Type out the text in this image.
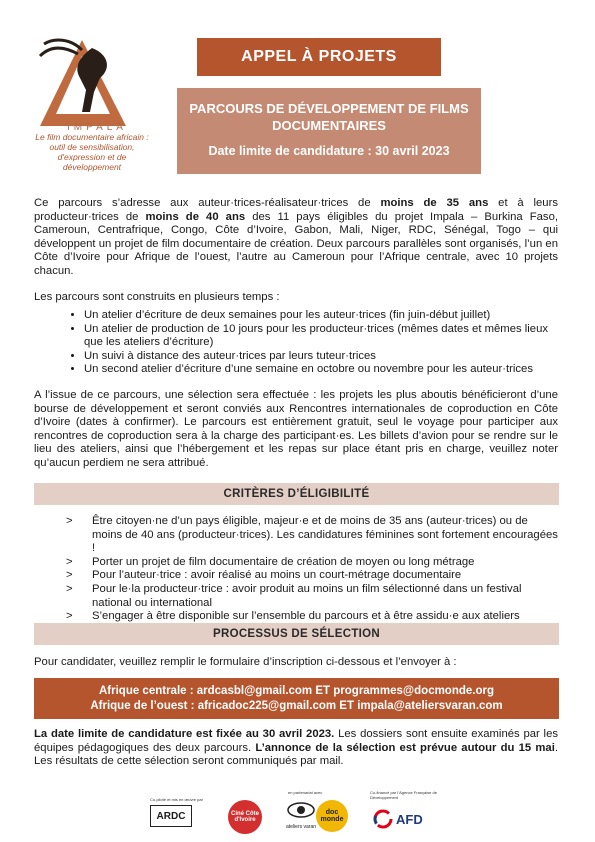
IMPALA
Le film documentaire africain : outil de sensibilisation, d'expression et de développement
APPEL À PROJETS
PARCOURS DE DÉVELOPPEMENT DE FILMS DOCUMENTAIRES
Date limite de candidature : 30 avril 2023
Ce parcours s’adresse aux auteur·trices-réalisateur·trices de moins de 35 ans et à leurs producteur·trices de moins de 40 ans des 11 pays éligibles du projet Impala – Burkina Faso, Cameroun, Centrafrique, Congo, Côte d’Ivoire, Gabon, Mali, Niger, RDC, Sénégal, Togo – qui développent un projet de film documentaire de création. Deux parcours parallèles sont organisés, l’un en Côte d’Ivoire pour Afrique de l’ouest, l’autre au Cameroun pour l’Afrique centrale, avec 10 projets chacun.
Les parcours sont construits en plusieurs temps :
• Un atelier d’écriture de deux semaines pour les auteur·trices (fin juin-début juillet)
• Un atelier de production de 10 jours pour les producteur·trices (mêmes dates et mêmes lieux que les ateliers d’écriture)
• Un suivi à distance des auteur·trices par leurs tuteur·trices
• Un second atelier d’écriture d’une semaine en octobre ou novembre pour les auteur·trices
A l’issue de ce parcours, une sélection sera effectuée : les projets les plus aboutis bénéficieront d’une bourse de développement et seront conviés aux Rencontres internationales de coproduction en Côte d’Ivoire (dates à confirmer). Le parcours est entièrement gratuit, seul le voyage pour participer aux rencontres de coproduction sera à la charge des participant·es. Les billets d’avion pour se rendre sur le lieu des ateliers, ainsi que l’hébergement et les repas sur place étant pris en charge, veuillez noter qu’aucun perdiem ne sera attribué.
CRITÈRES D’ÉLIGIBILITÉ
>	Être citoyen·ne d’un pays éligible, majeur·e et de moins de 35 ans (auteur·trices) ou de moins de 40 ans (producteur·trices). Les candidatures féminines sont fortement encouragées !
>	Porter un projet de film documentaire de création de moyen ou long métrage
>	Pour l’auteur·trice : avoir réalisé au moins un court-métrage documentaire
>	Pour le·la producteur·trice : avoir produit au moins un film sélectionné dans un festival national ou international
>	S’engager à être disponible sur l’ensemble du parcours et à être assidu·e aux ateliers
PROCESSUS DE SÉLECTION
Pour candidater, veuillez remplir le formulaire d’inscription ci-dessous et l’envoyer à :
Afrique centrale : ardcasbl@gmail.com ET programmes@docmonde.org
Afrique de l’ouest : africadoc225@gmail.com ET impala@ateliersvaran.com
La date limite de candidature est fixée au 30 avril 2023. Les dossiers sont ensuite examinés par les équipes pédagogiques des deux parcours. L’annonce de la sélection est prévue autour du 15 mai. Les résultats de cette sélection seront communiqués par mail.
Co-piloté et mis en œuvre par
ARDC	Ciné Côte d'Ivoire
en partenariat avec
ateliers varan
doc monde
Co-financé par l’Agence Française de Développement
AFD
